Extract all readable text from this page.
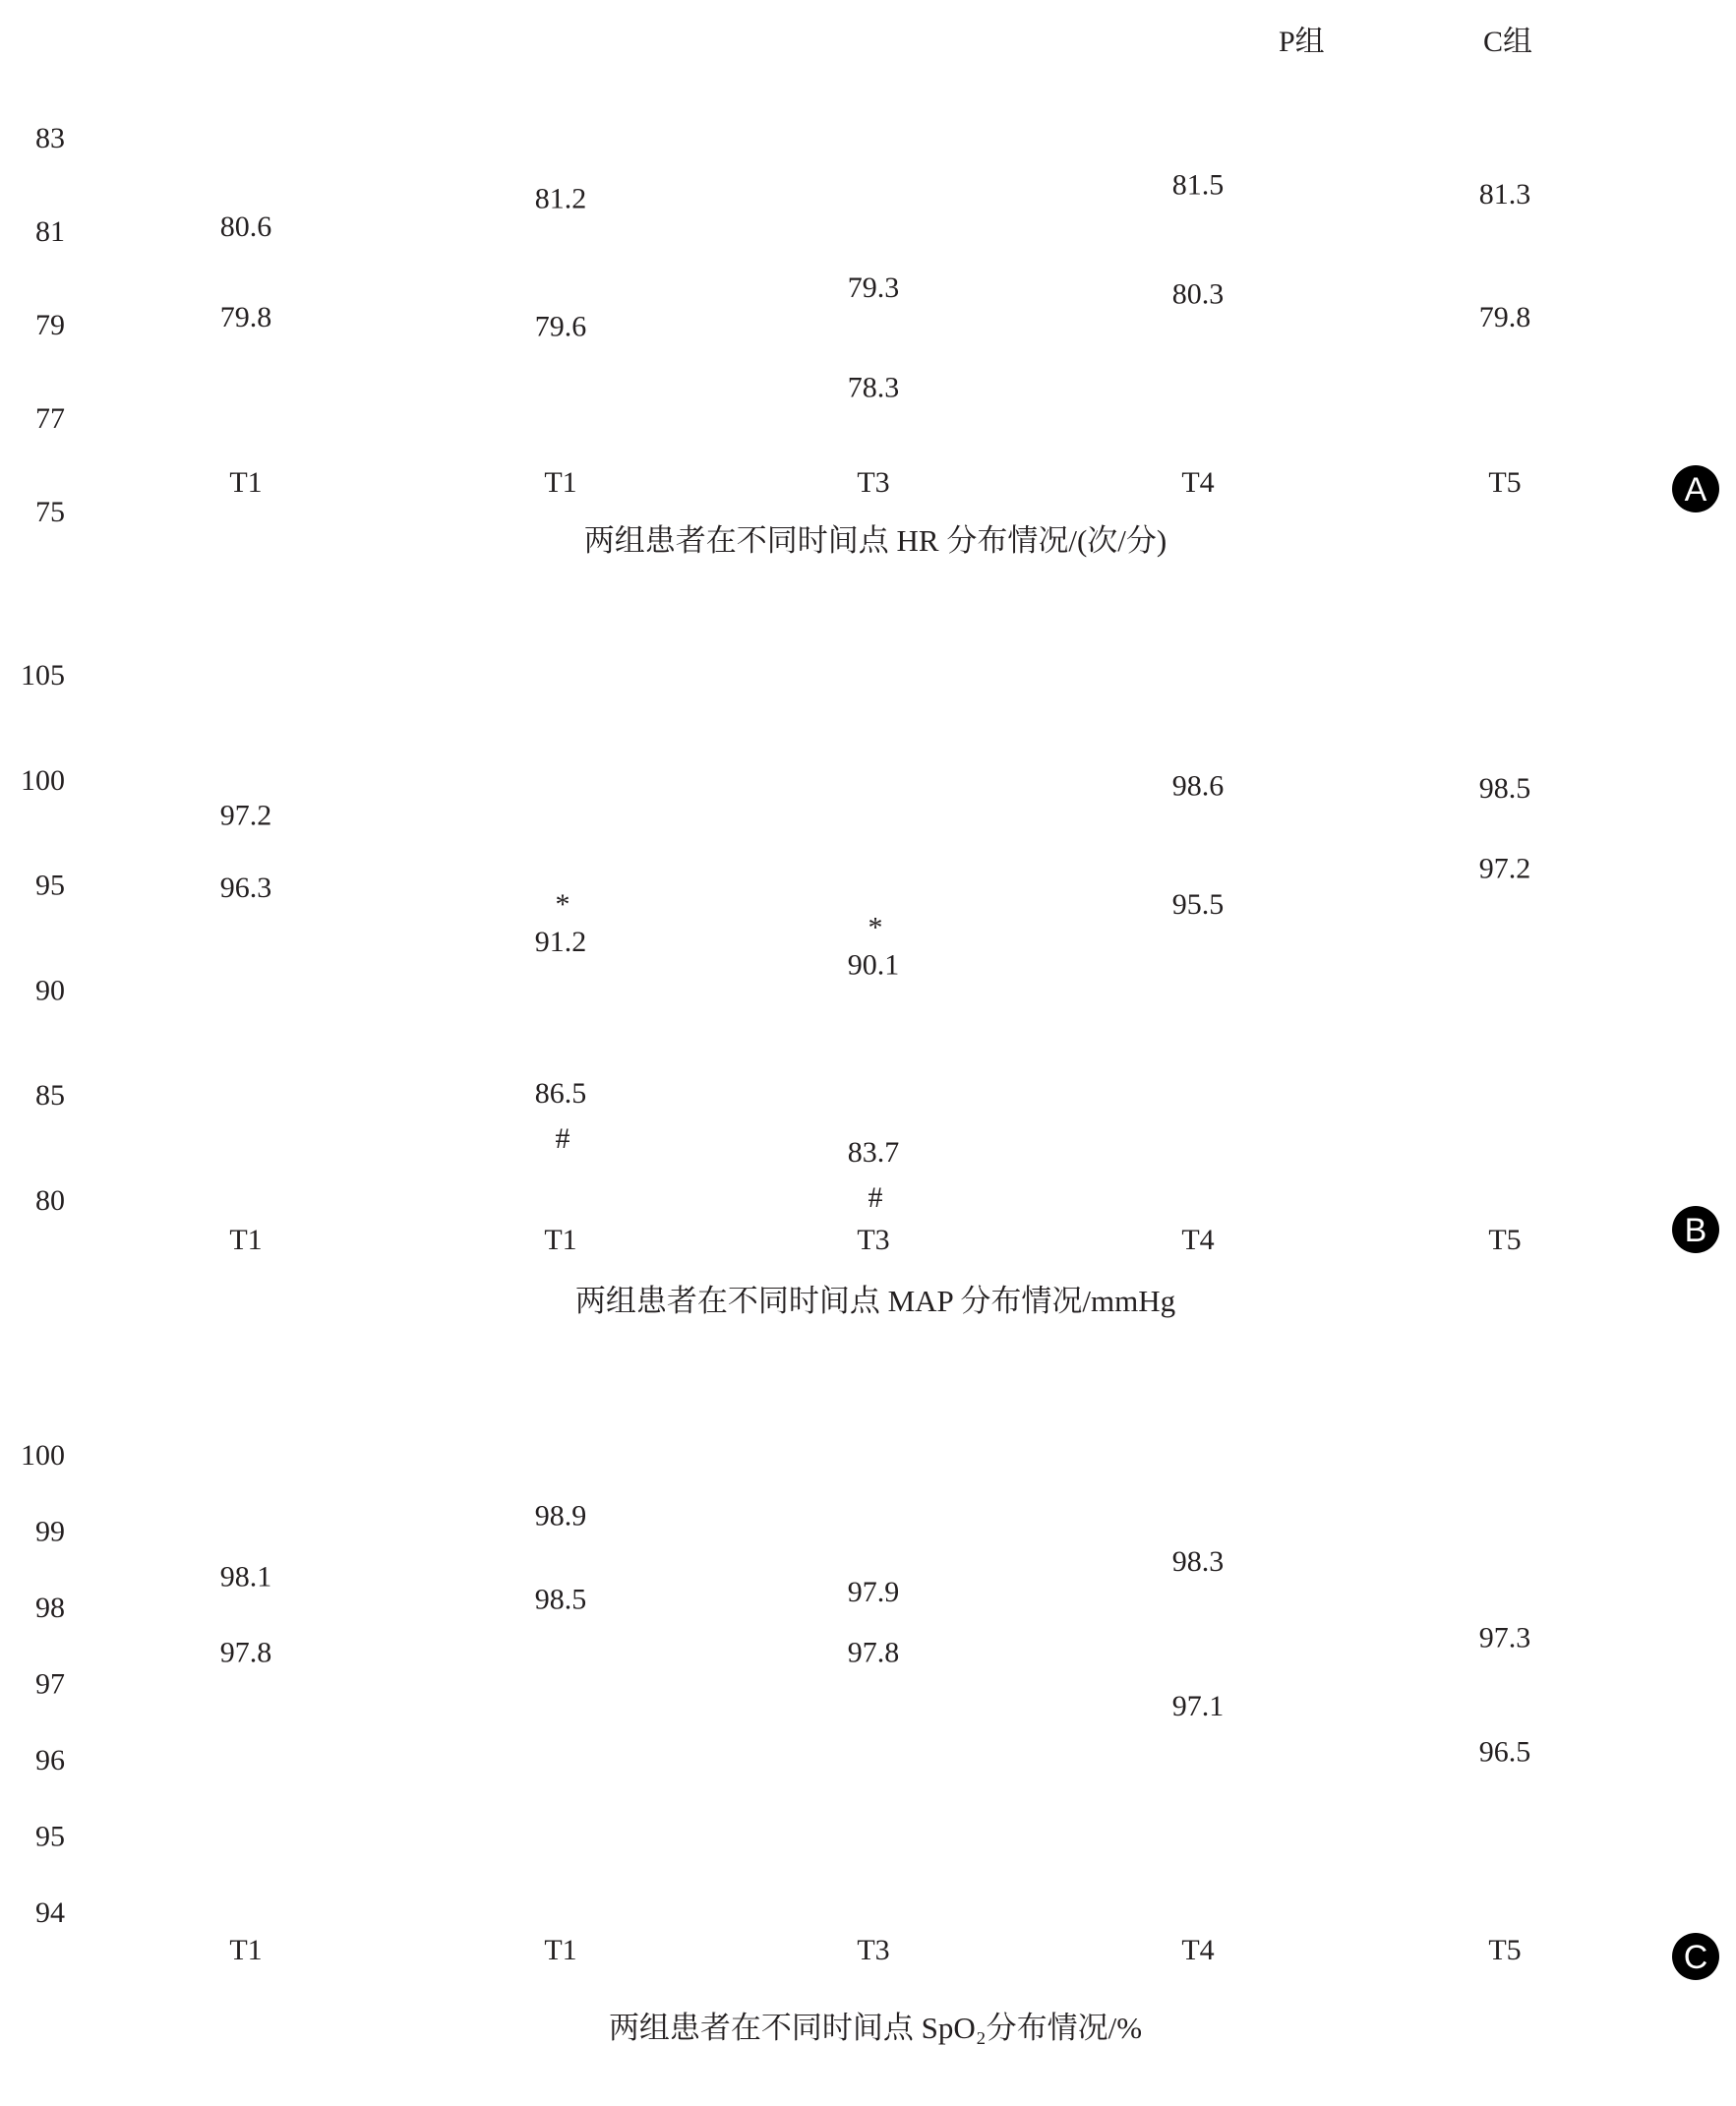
P组	C组
75
77
79
81
83
T1	T1	T3	T4	T5
80.6
81.2
79.3
81.5	81.3
79.8	79.6
78.3
80.3
79.8
两组患者在不同时间点 HR 分布情况/(次/分)
A
80
85
90
95
100
105
T1	T1	T3	T4	T5
97.2
91.2
*
90.1
*
98.6	98.5
96.3
86.5
#	83.7
#
95.5
97.2
两组患者在不同时间点 MAP 分布情况/mmHg
B
94
95
96
97
98
99
100
T1	T1	T3	T4	T5
98.1
98.9
97.9
98.3
97.3
97.8
98.5
97.8
97.1
96.5
两组患者在不同时间点 SpO₂分布情况/%
C
